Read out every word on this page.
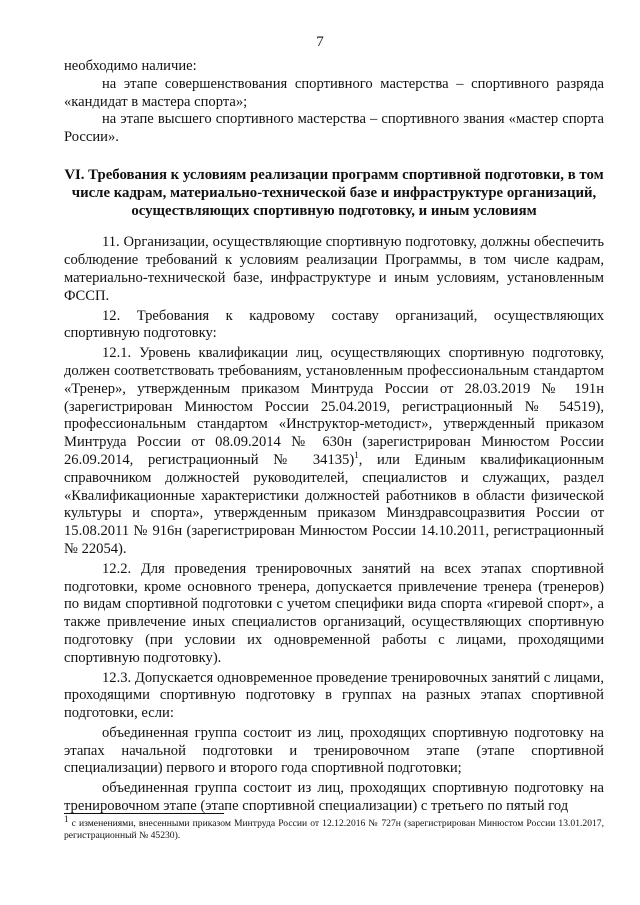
7

необходимо наличие:

на этапе совершенствования спортивного мастерства – спортивного разряда «кандидат в мастера спорта»;

на этапе высшего спортивного мастерства – спортивного звания «мастер спорта России».

VI. Требования к условиям реализации программ спортивной подготовки, в том числе кадрам, материально-технической базе и инфраструктуре организаций, осуществляющих спортивную подготовку, и иным условиям

11. Организации, осуществляющие спортивную подготовку, должны обеспечить соблюдение требований к условиям реализации Программы, в том числе кадрам, материально-технической базе, инфраструктуре и иным условиям, установленным ФССП.

12. Требования к кадровому составу организаций, осуществляющих спортивную подготовку:

12.1. Уровень квалификации лиц, осуществляющих спортивную подготовку, должен соответствовать требованиям, установленным профессиональным стандартом «Тренер», утвержденным приказом Минтруда России от 28.03.2019 № 191н (зарегистрирован Минюстом России 25.04.2019, регистрационный № 54519), профессиональным стандартом «Инструктор-методист», утвержденный приказом Минтруда России от 08.09.2014 № 630н (зарегистрирован Минюстом России 26.09.2014, регистрационный № 34135)$^1$, или Единым квалификационным справочником должностей руководителей, специалистов и служащих, раздел «Квалификационные характеристики должностей работников в области физической культуры и спорта», утвержденным приказом Минздравсоцразвития России от 15.08.2011 № 916н (зарегистрирован Минюстом России 14.10.2011, регистрационный № 22054).

12.2. Для проведения тренировочных занятий на всех этапах спортивной подготовки, кроме основного тренера, допускается привлечение тренера (тренеров) по видам спортивной подготовки с учетом специфики вида спорта «гиревой спорт», а также привлечение иных специалистов организаций, осуществляющих спортивную подготовку (при условии их одновременной работы с лицами, проходящими спортивную подготовку).

12.3. Допускается одновременное проведение тренировочных занятий с лицами, проходящими спортивную подготовку в группах на разных этапах спортивной подготовки, если:

объединенная группа состоит из лиц, проходящих спортивную подготовку на этапах начальной подготовки и тренировочном этапе (этапе спортивной специализации) первого и второго года спортивной подготовки;

объединенная группа состоит из лиц, проходящих спортивную подготовку на тренировочном этапе (этапе спортивной специализации) с третьего по пятый год

$^1$ с изменениями, внесенными приказом Минтруда России от 12.12.2016 № 727н (зарегистрирован Минюстом России 13.01.2017, регистрационный № 45230).
